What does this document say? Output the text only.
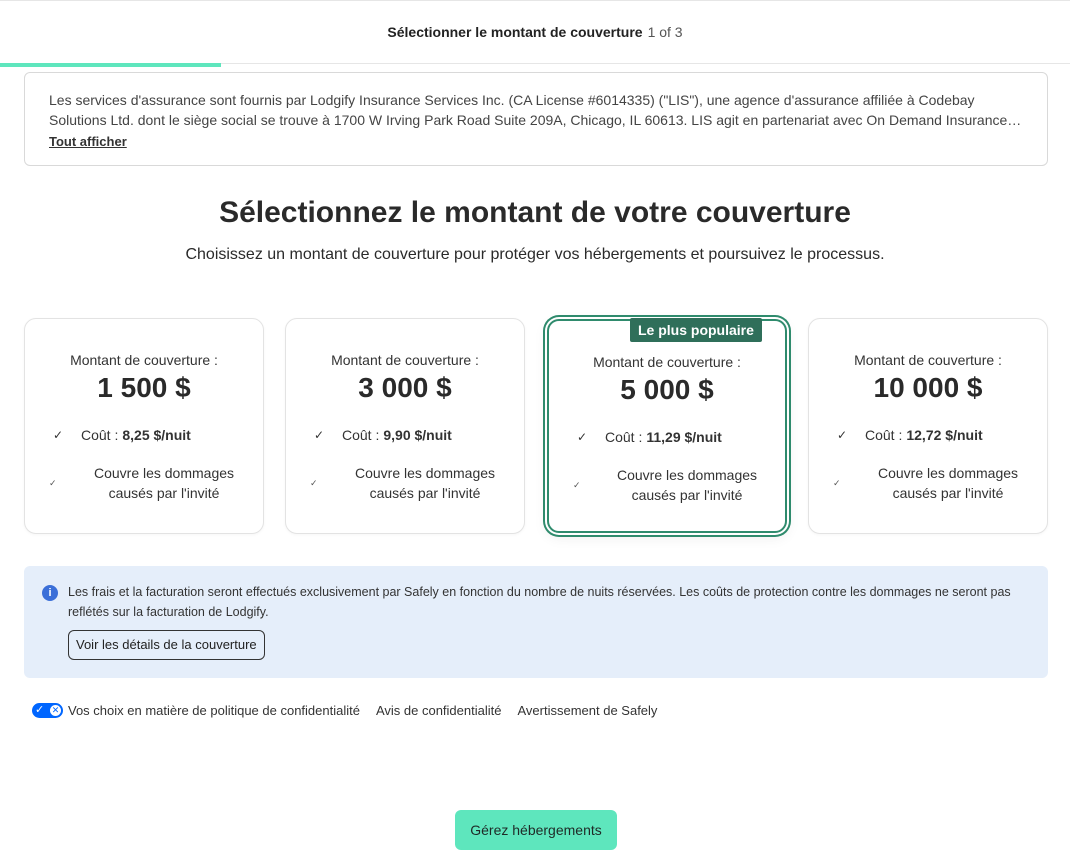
Sélectionner le montant de couverture 1 of 3
Les services d'assurance sont fournis par Lodgify Insurance Services Inc. (CA License #6014335) ("LIS"), une agence d'assurance affiliée à Codebay Solutions Ltd. dont le siège social se trouve à 1700 W Irving Park Road Suite 209A, Chicago, IL 60613. LIS agit en partenariat avec On Demand Insurance
Tout afficher
Sélectionnez le montant de votre couverture
Choisissez un montant de couverture pour protéger vos hébergements et poursuivez le processus.
Montant de couverture :
1 500 $
✓ Coût : 8,25 $/nuit
✓
Couvre les dommages causés par l'invité
Montant de couverture :
3 000 $
✓ Coût : 9,90 $/nuit
✓
Couvre les dommages causés par l'invité
Montant de couverture :
5 000 $
✓ Coût : 11,29 $/nuit
✓
Couvre les dommages causés par l'invité
Le plus populaire
Montant de couverture :
10 000 $
✓ Coût : 12,72 $/nuit
✓
Couvre les dommages causés par l'invité
i	Les frais et la facturation seront effectués exclusivement par Safely en fonction du nombre de nuits réservées. Les coûts de protection contre les dommages ne seront pas reflétés sur la facturation de Lodgify.
Voir les détails de la couverture
✓ ✕ Vos choix en matière de politique de confidentialité Avis de confidentialité Avertissement de Safely
Gérez hébergements
